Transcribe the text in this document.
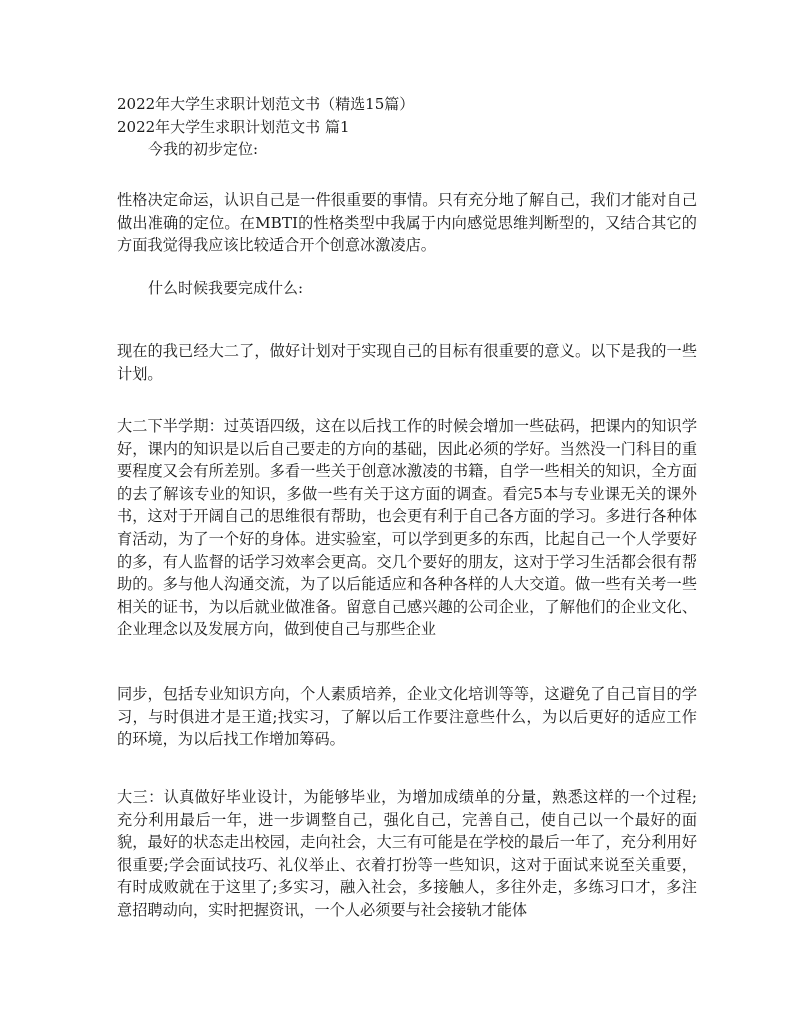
2022年大学生求职计划范文书（精选15篇）

2022年大学生求职计划范文书 篇1

今我的初步定位:

性格决定命运，认识自己是一件很重要的事情。只有充分地了解自己，我们才能对自己做出准确的定位。在MBTI的性格类型中我属于内向感觉思维判断型的，又结合其它的方面我觉得我应该比较适合开个创意冰激凌店。

什么时候我要完成什么:

现在的我已经大二了，做好计划对于实现自己的目标有很重要的意义。以下是我的一些计划。

大二下半学期：过英语四级，这在以后找工作的时候会增加一些砝码，把课内的知识学好，课内的知识是以后自己要走的方向的基础，因此必须的学好。当然没一门科目的重要程度又会有所差别。多看一些关于创意冰激凌的书籍，自学一些相关的知识，全方面的去了解该专业的知识，多做一些有关于这方面的调查。看完5本与专业课无关的课外书，这对于开阔自己的思维很有帮助，也会更有利于自己各方面的学习。多进行各种体育活动，为了一个好的身体。进实验室，可以学到更多的东西，比起自己一个人学要好的多，有人监督的话学习效率会更高。交几个要好的朋友，这对于学习生活都会很有帮助的。多与他人沟通交流，为了以后能适应和各种各样的人大交道。做一些有关考一些相关的证书，为以后就业做准备。留意自己感兴趣的公司企业，了解他们的企业文化、企业理念以及发展方向，做到使自己与那些企业

同步，包括专业知识方向，个人素质培养，企业文化培训等等，这避免了自己盲目的学习，与时俱进才是王道;找实习，了解以后工作要注意些什么，为以后更好的适应工作的环境，为以后找工作增加筹码。

大三：认真做好毕业设计，为能够毕业，为增加成绩单的分量，熟悉这样的一个过程;充分利用最后一年，进一步调整自己，强化自己，完善自己，使自己以一个最好的面貌，最好的状态走出校园，走向社会，大三有可能是在学校的最后一年了，充分利用好很重要;学会面试技巧、礼仪举止、衣着打扮等一些知识，这对于面试来说至关重要，有时成败就在于这里了;多实习，融入社会，多接触人，多往外走，多练习口才，多注意招聘动向，实时把握资讯，一个人必须要与社会接轨才能体
